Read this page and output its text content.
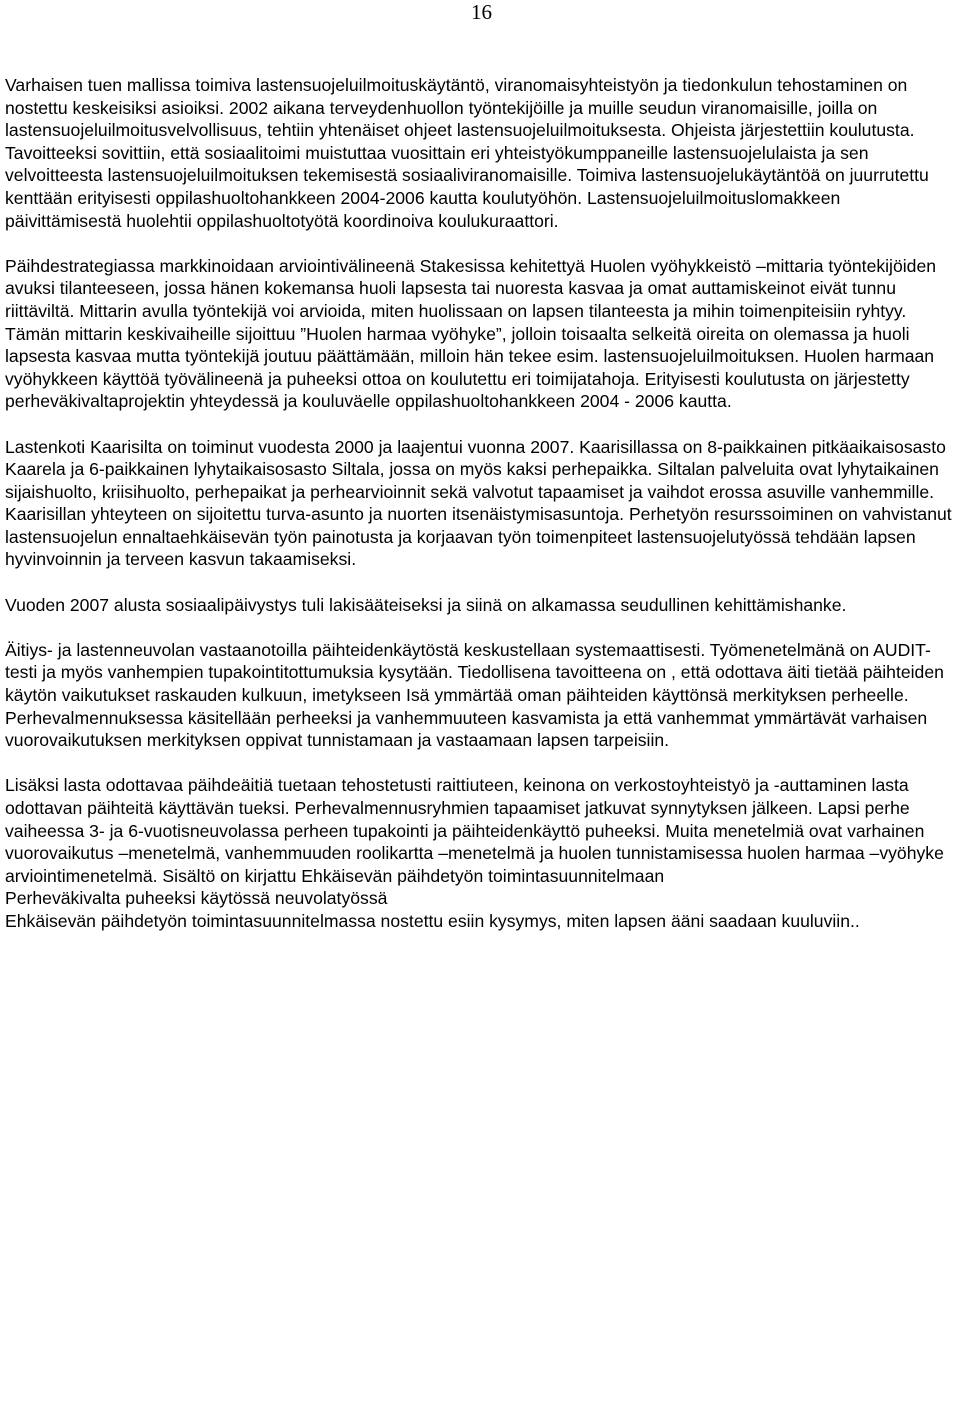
16

Varhaisen tuen mallissa toimiva lastensuojeluilmoituskäytäntö, viranomaisyhteistyön ja tiedonkulun tehostaminen on nostettu keskeisiksi asioiksi. 2002 aikana terveydenhuollon työntekijöille ja muille seudun viranomaisille, joilla on lastensuojeluilmoitusvelvollisuus, tehtiin yhtenäiset ohjeet lastensuojeluilmoituksesta. Ohjeista järjestettiin koulutusta. Tavoitteeksi sovittiin, että sosiaalitoimi muistuttaa vuosittain eri yhteistyökumppaneille lastensuojelulaista ja sen velvoitteesta lastensuojeluilmoituksen tekemisestä sosiaaliviranomaisille. Toimiva lastensuojelukäytäntöä on juurrutettu kenttään erityisesti oppilashuoltohankkeen 2004-2006 kautta koulutyöhön. Lastensuojeluilmoituslomakkeen päivittämisestä huolehtii oppilashuoltotyötä koordinoiva koulukuraattori.

Päihdestrategiassa markkinoidaan arviointivälineenä Stakesissa kehitettyä Huolen vyöhykkeistö –mittaria työntekijöiden avuksi tilanteeseen, jossa hänen kokemansa huoli lapsesta tai nuoresta kasvaa ja omat auttamiskeinot eivät tunnu riittäviltä. Mittarin avulla työntekijä voi arvioida, miten huolissaan on lapsen tilanteesta ja mihin toimenpiteisiin ryhtyy. Tämän mittarin keskivaiheille sijoittuu ”Huolen harmaa vyöhyke”, jolloin toisaalta selkeitä oireita on olemassa ja huoli lapsesta kasvaa mutta työntekijä joutuu päättämään, milloin hän tekee esim. lastensuojeluilmoituksen. Huolen harmaan vyöhykkeen käyttöä työvälineenä ja puheeksi ottoa on koulutettu eri toimijatahoja. Erityisesti koulutusta on järjestetty perheväkivaltaprojektin yhteydessä ja kouluväelle oppilashuoltohankkeen 2004 - 2006 kautta.

Lastenkoti Kaarisilta on toiminut vuodesta 2000 ja laajentui vuonna 2007. Kaarisillassa on 8-paikkainen pitkäaikaisosasto Kaarela ja 6-paikkainen lyhytaikaisosasto Siltala, jossa on myös kaksi perhepaikka. Siltalan palveluita ovat lyhytaikainen sijaishuolto, kriisihuolto, perhepaikat ja perhearvioinnit sekä valvotut tapaamiset ja vaihdot erossa asuville vanhemmille. Kaarisillan yhteyteen on sijoitettu turva-asunto ja nuorten itsenäistymisasuntoja. Perhetyön resurssoiminen on vahvistanut lastensuojelun ennaltaehkäisevän työn painotusta ja korjaavan työn toimenpiteet lastensuojelutyössä tehdään lapsen hyvinvoinnin ja terveen kasvun takaamiseksi.

Vuoden 2007 alusta sosiaalipäivystys tuli lakisääteiseksi ja siinä on alkamassa seudullinen kehittämishanke.

Äitiys- ja lastenneuvolan vastaanotoilla päihteidenkäytöstä keskustellaan systemaattisesti. Työmenetelmänä on AUDIT-testi ja myös vanhempien tupakointitottumuksia kysytään. Tiedollisena tavoitteena on , että odottava äiti tietää päihteiden käytön vaikutukset raskauden kulkuun, imetykseen Isä ymmärtää oman päihteiden käyttönsä merkityksen perheelle. Perhevalmennuksessa käsitellään perheeksi ja vanhemmuuteen kasvamista ja että vanhemmat ymmärtävät varhaisen vuorovaikutuksen merkityksen oppivat tunnistamaan ja vastaamaan lapsen tarpeisiin.

Lisäksi lasta odottavaa päihdeäitiä tuetaan tehostetusti raittiuteen, keinona on verkostoyhteistyö ja -auttaminen lasta odottavan päihteitä käyttävän tueksi. Perhevalmennusryhmien tapaamiset jatkuvat synnytyksen jälkeen. Lapsi perhe vaiheessa 3- ja 6-vuotisneuvolassa perheen tupakointi ja päihteidenkäyttö puheeksi. Muita menetelmiä ovat varhainen vuorovaikutus –menetelmä, vanhemmuuden roolikartta –menetelmä ja huolen tunnistamisessa huolen harmaa –vyöhyke arviointimenetelmä. Sisältö on kirjattu Ehkäisevän päihdetyön toimintasuunnitelmaan

Perheväkivalta puheeksi käytössä neuvolatyössä

Ehkäisevän päihdetyön toimintasuunnitelmassa nostettu esiin kysymys, miten lapsen ääni saadaan kuuluviin..
